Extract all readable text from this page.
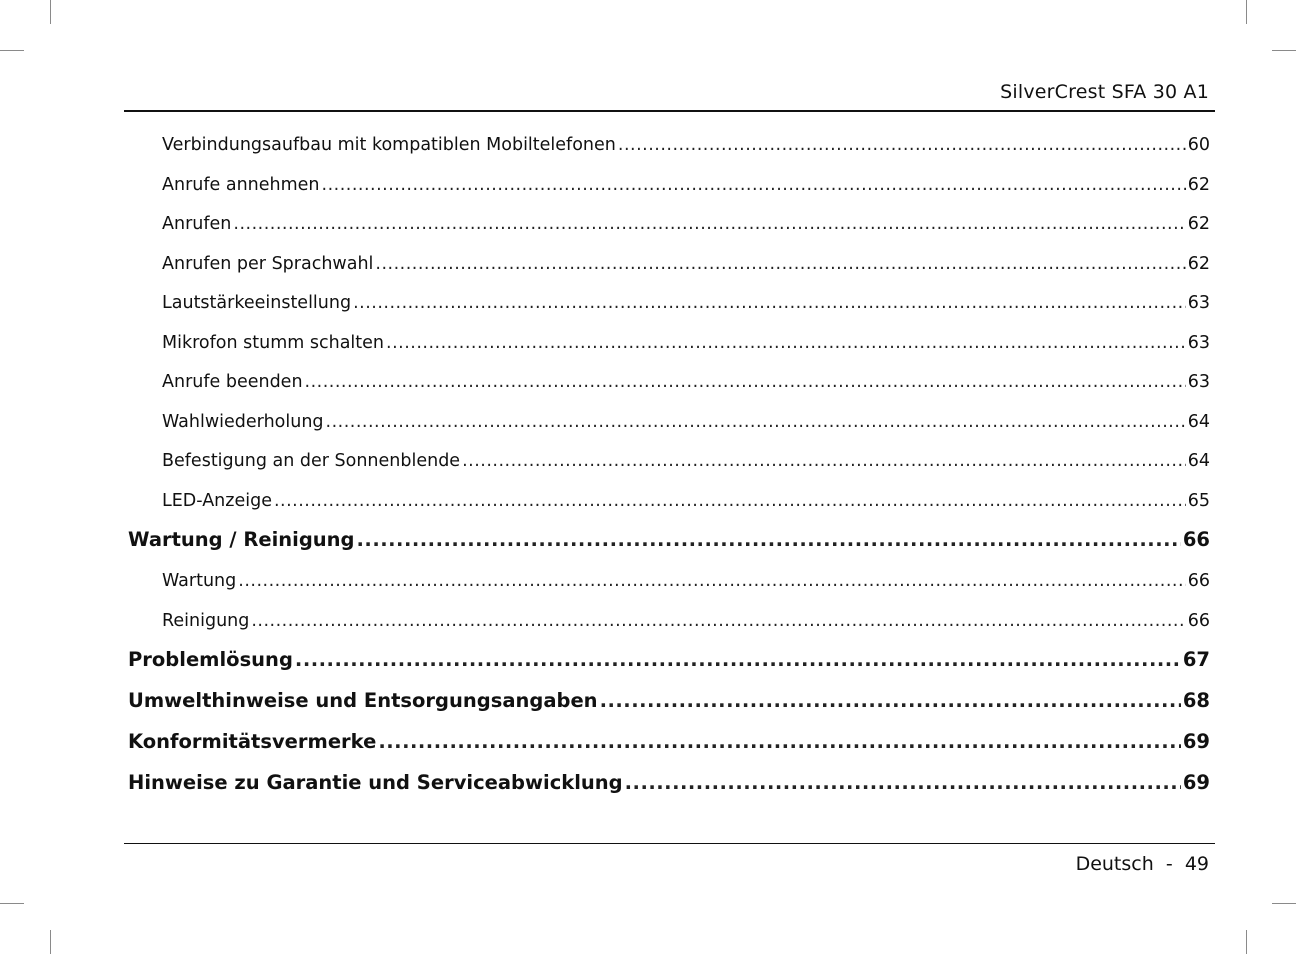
SilverCrest SFA 30 A1
Verbindungsaufbau mit kompatiblen Mobiltelefonen .....	60
Anrufe annehmen .....	62
Anrufen .....	62
Anrufen per Sprachwahl .....	62
Lautstärkeeinstellung .....	63
Mikrofon stumm schalten .....	63
Anrufe beenden .....	63
Wahlwiederholung .....	64
Befestigung an der Sonnenblende .....	64
LED-Anzeige .....	65
Wartung / Reinigung .....	66
Wartung .....	66
Reinigung .....	66
Problemlösung .....	67
Umwelthinweise und Entsorgungsangaben .....	68
Konformitätsvermerke .....	69
Hinweise zu Garantie und Serviceabwicklung .....	69
Deutsch - 49
